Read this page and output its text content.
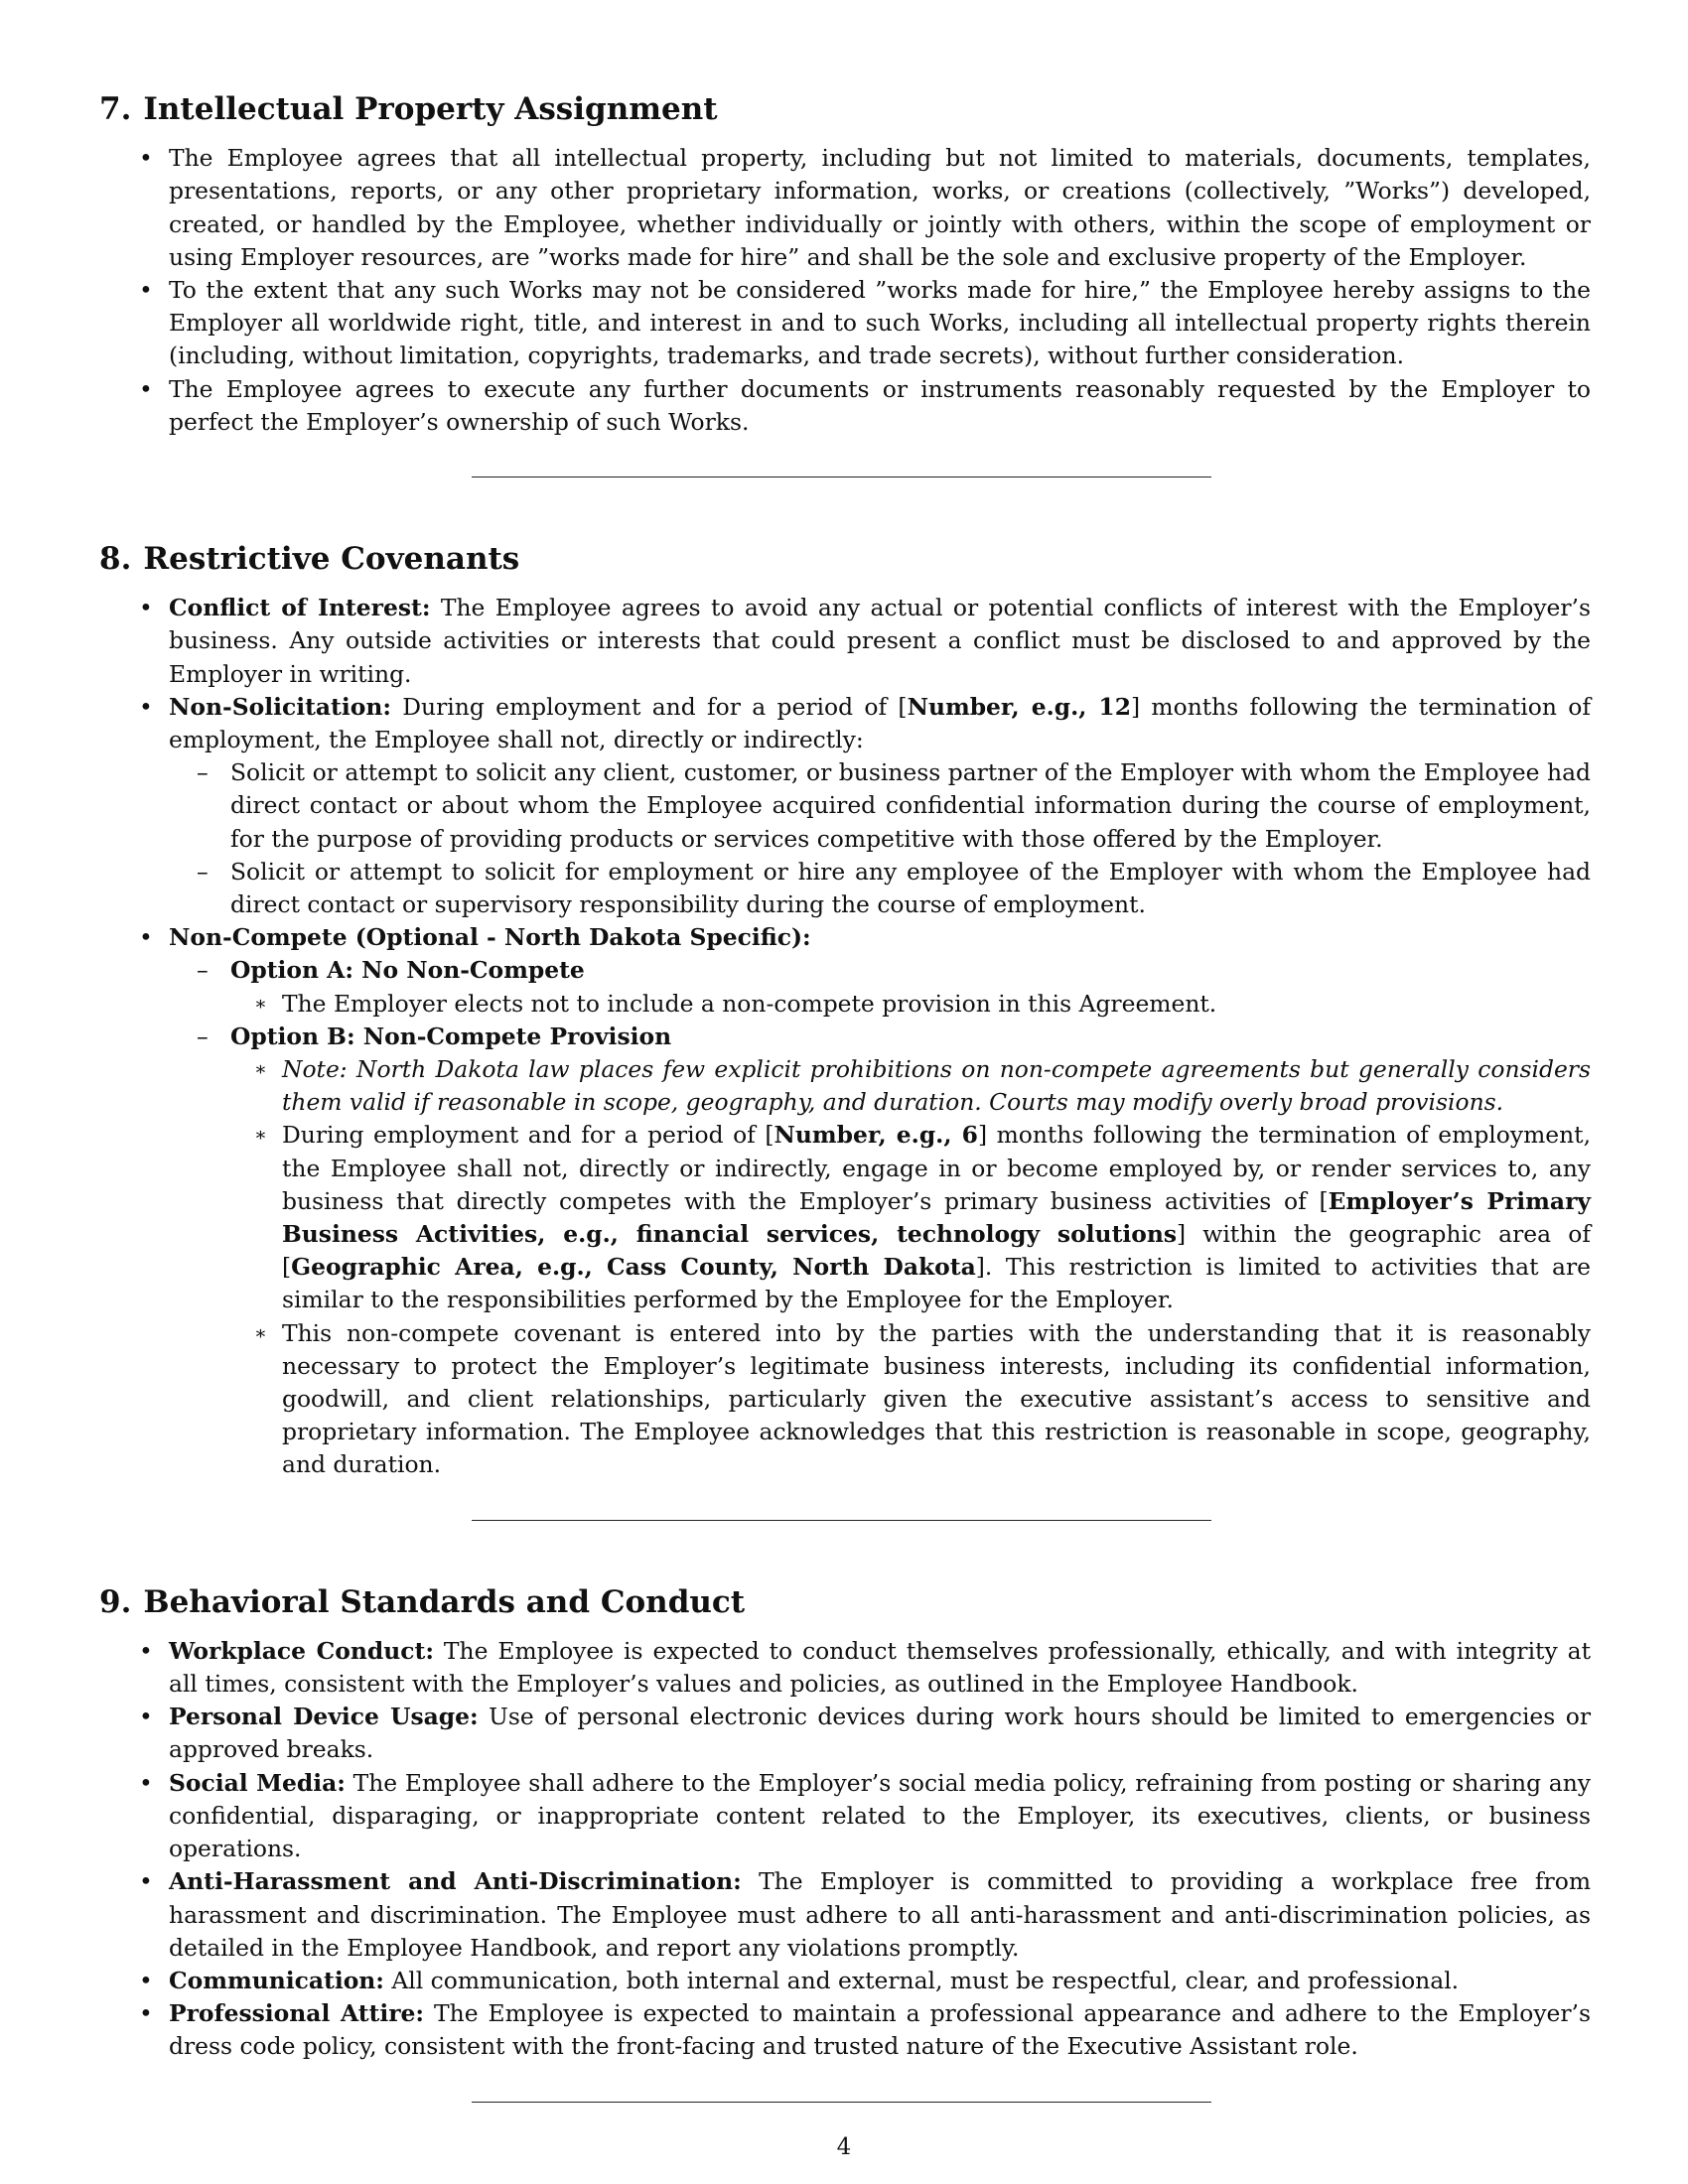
7. Intellectual Property Assignment
• The Employee agrees that all intellectual property, including but not limited to materials, documents, templates, presentations, reports, or any other proprietary information, works, or creations (collectively, ”Works”) developed, created, or handled by the Employee, whether individually or jointly with others, within the scope of employment or using Employer resources, are ”works made for hire” and shall be the sole and exclusive property of the Employer.
• To the extent that any such Works may not be considered ”works made for hire,” the Employee hereby assigns to the Employer all worldwide right, title, and interest in and to such Works, including all intellectual property rights therein (including, without limitation, copyrights, trademarks, and trade secrets), without further consideration.
• The Employee agrees to execute any further documents or instruments reasonably requested by the Employer to perfect the Employer’s ownership of such Works.
8. Restrictive Covenants
• Conflict of Interest: The Employee agrees to avoid any actual or potential conflicts of interest with the Employer’s business. Any outside activities or interests that could present a conflict must be disclosed to and approved by the Employer in writing.
• Non-Solicitation: During employment and for a period of [Number, e.g., 12] months following the termination of employment, the Employee shall not, directly or indirectly:
– Solicit or attempt to solicit any client, customer, or business partner of the Employer with whom the Employee had direct contact or about whom the Employee acquired confidential information during the course of employment, for the purpose of providing products or services competitive with those offered by the Employer.
– Solicit or attempt to solicit for employment or hire any employee of the Employer with whom the Employee had direct contact or supervisory responsibility during the course of employment.
• Non-Compete (Optional - North Dakota Specific):
– Option A: No Non-Compete
∗ The Employer elects not to include a non-compete provision in this Agreement.
– Option B: Non-Compete Provision
∗ Note: North Dakota law places few explicit prohibitions on non-compete agreements but generally considers them valid if reasonable in scope, geography, and duration. Courts may modify overly broad provisions.
∗ During employment and for a period of [Number, e.g., 6] months following the termination of employment, the Employee shall not, directly or indirectly, engage in or become employed by, or render services to, any business that directly competes with the Employer’s primary business activities of [Employer’s Primary Business Activities, e.g., financial services, technology solutions] within the geographic area of [Geographic Area, e.g., Cass County, North Dakota]. This restriction is limited to activities that are similar to the responsibilities performed by the Employee for the Employer.
∗ This non-compete covenant is entered into by the parties with the understanding that it is reasonably necessary to protect the Employer’s legitimate business interests, including its confidential information, goodwill, and client relationships, particularly given the executive assistant’s access to sensitive and proprietary information. The Employee acknowledges that this restriction is reasonable in scope, geography, and duration.
9. Behavioral Standards and Conduct
• Workplace Conduct: The Employee is expected to conduct themselves professionally, ethically, and with integrity at all times, consistent with the Employer’s values and policies, as outlined in the Employee Handbook.
• Personal Device Usage: Use of personal electronic devices during work hours should be limited to emergencies or approved breaks.
• Social Media: The Employee shall adhere to the Employer’s social media policy, refraining from posting or sharing any confidential, disparaging, or inappropriate content related to the Employer, its executives, clients, or business operations.
• Anti-Harassment and Anti-Discrimination: The Employer is committed to providing a workplace free from harassment and discrimination. The Employee must adhere to all anti-harassment and anti-discrimination policies, as detailed in the Employee Handbook, and report any violations promptly.
• Communication: All communication, both internal and external, must be respectful, clear, and professional.
• Professional Attire: The Employee is expected to maintain a professional appearance and adhere to the Employer’s dress code policy, consistent with the front-facing and trusted nature of the Executive Assistant role.
4
